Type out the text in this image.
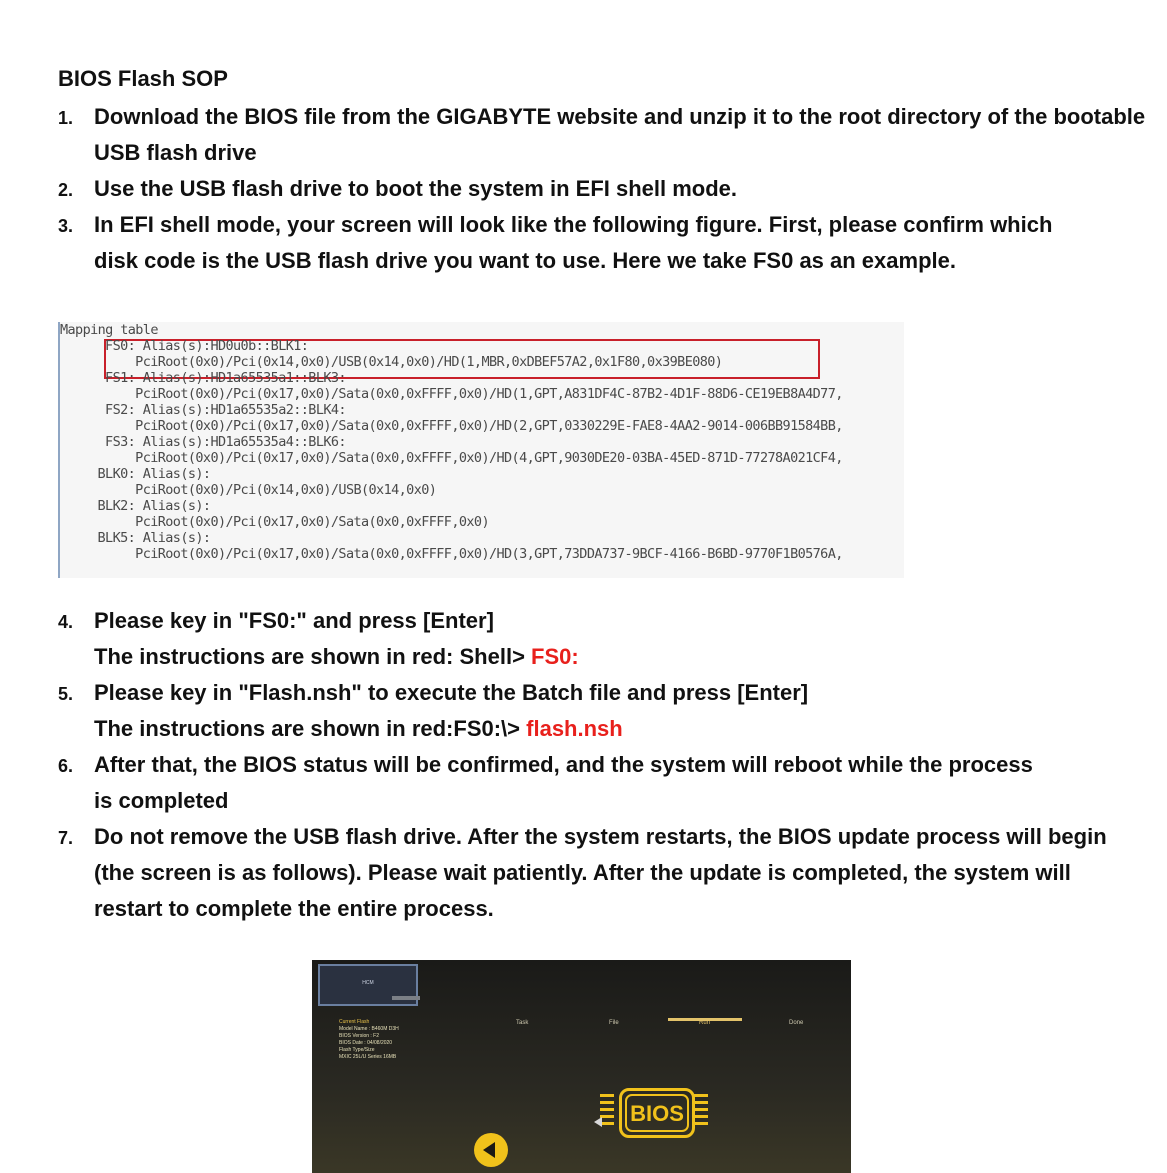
BIOS Flash SOP
1. Download the BIOS file from the GIGABYTE website and unzip it to the root directory of the bootable USB flash drive
2. Use the USB flash drive to boot the system in EFI shell mode.
3. In EFI shell mode, your screen will look like the following figure. First, please confirm which disk code is the USB flash drive you want to use. Here we take FS0 as an example.
Mapping table
FS0: Alias(s):HD0u0b::BLK1:
PciRoot(0x0)/Pci(0x14,0x0)/USB(0x14,0x0)/HD(1,MBR,0xDBEF57A2,0x1F80,0x39BE080)
FS1: Alias(s):HD1a65535a1::BLK3:
PciRoot(0x0)/Pci(0x17,0x0)/Sata(0x0,0xFFFF,0x0)/HD(1,GPT,A831DF4C-87B2-4D1F-88D6-CE19EB8A4D77,
FS2: Alias(s):HD1a65535a2::BLK4:
PciRoot(0x0)/Pci(0x17,0x0)/Sata(0x0,0xFFFF,0x0)/HD(2,GPT,0330229E-FAE8-4AA2-9014-006BB91584BB,
FS3: Alias(s):HD1a65535a4::BLK6:
PciRoot(0x0)/Pci(0x17,0x0)/Sata(0x0,0xFFFF,0x0)/HD(4,GPT,9030DE20-03BA-45ED-871D-77278A021CF4,
BLK0: Alias(s):
PciRoot(0x0)/Pci(0x14,0x0)/USB(0x14,0x0)
BLK2: Alias(s):
PciRoot(0x0)/Pci(0x17,0x0)/Sata(0x0,0xFFFF,0x0)
BLK5: Alias(s):
PciRoot(0x0)/Pci(0x17,0x0)/Sata(0x0,0xFFFF,0x0)/HD(3,GPT,73DDA737-9BCF-4166-B6BD-9770F1B0576A,
4. Please key in "FS0:" and press [Enter]
The instructions are shown in red: Shell> FS0:
5. Please key in "Flash.nsh" to execute the Batch file and press [Enter]
The instructions are shown in red:FS0:\> flash.nsh
6. After that, the BIOS status will be confirmed, and the system will reboot while the process is completed
7. Do not remove the USB flash drive. After the system restarts, the BIOS update process will begin (the screen is as follows). Please wait patiently. After the update is completed, the system will restart to complete the entire process.
HCM
Current Flash
Model Name : B460M D3H
BIOS Version : F2
BIOS Date : 04/08/2020
Flash Type/Size
MXIC 25L/U Series 16MB
Task	File	Run	Done
BIOS
